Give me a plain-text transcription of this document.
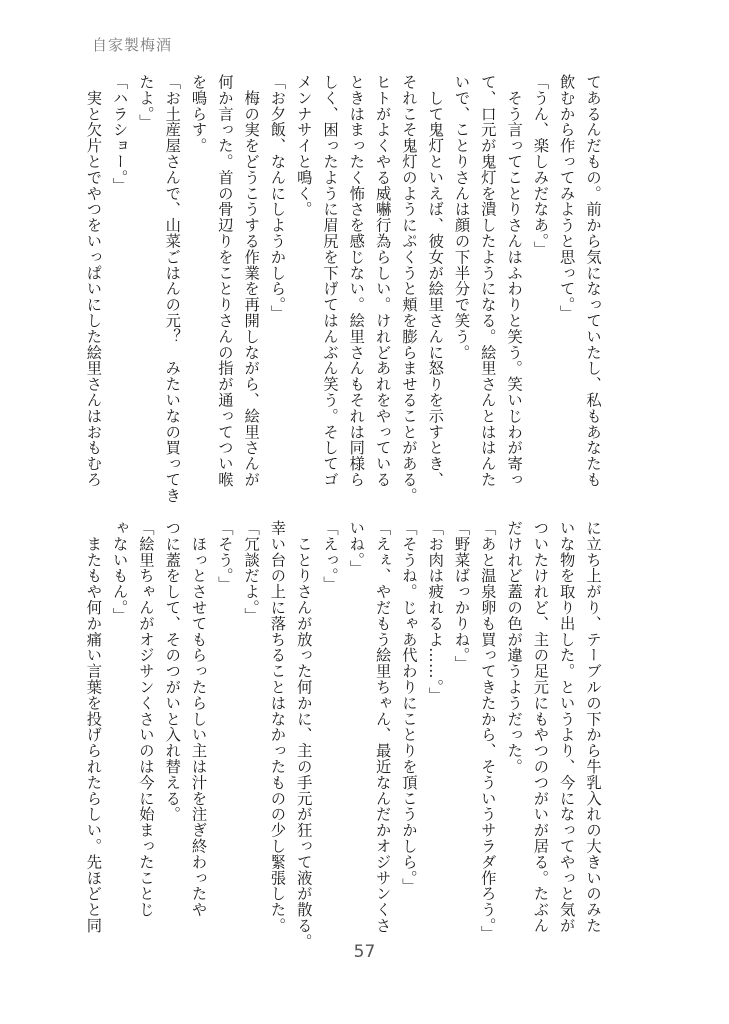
自家製梅酒
てあるんだもの。前から気になっていたし、私もあなたも
飲むから作ってみようと思って。」
「うん、楽しみだなあ。」
　そう言ってことりさんはふわりと笑う。笑いじわが寄っ
て、口元が鬼灯を潰したようになる。絵里さんとははんた
いで、ことりさんは顔の下半分で笑う。
　して鬼灯といえば、彼女が絵里さんに怒りを示すとき、
それこそ鬼灯のようにぷくうと頬を膨らませることがある。
ヒトがよくやる威嚇行為らしい。けれどあれをやっている
ときはまったく怖さを感じない。絵里さんもそれは同様ら
しく、困ったように眉尻を下げてはんぶん笑う。そしてゴ
メンナサイと鳴く。
「お夕飯、なんにしようかしら。」
　梅の実をどうこうする作業を再開しながら、絵里さんが
何か言った。首の骨辺りをことりさんの指が通ってつい喉
を鳴らす。
「お土産屋さんで、山菜ごはんの元？　みたいなの買ってき
たよ。」
「ハラショー。」
　実と欠片とでやつをいっぱいにした絵里さんはおもむろ
に立ち上がり、テーブルの下から牛乳入れの大きいのみた
いな物を取り出した。というより、今になってやっと気が
ついたけれど、主の足元にもやつのつがいが居る。たぶん
だけれど蓋の色が違うようだった。
「あと温泉卵も買ってきたから、そういうサラダ作ろう。」
「野菜ばっかりね。」
「お肉は疲れるよ……。」
「そうね。じゃあ代わりにことりを頂こうかしら。」
「えぇ、やだもう絵里ちゃん、最近なんだかオジサンくさ
いね。」
「えっ。」
　ことりさんが放った何かに、主の手元が狂って液が散る。
幸い台の上に落ちることはなかったものの少し緊張した。
「冗談だよ。」
「そう。」
　ほっとさせてもらったらしい主は汁を注ぎ終わったや
つに蓋をして、そのつがいと入れ替える。
「絵里ちゃんがオジサンくさいのは今に始まったことじ
ゃないもん。」
　またもや何か痛い言葉を投げられたらしい。先ほどと同
57
